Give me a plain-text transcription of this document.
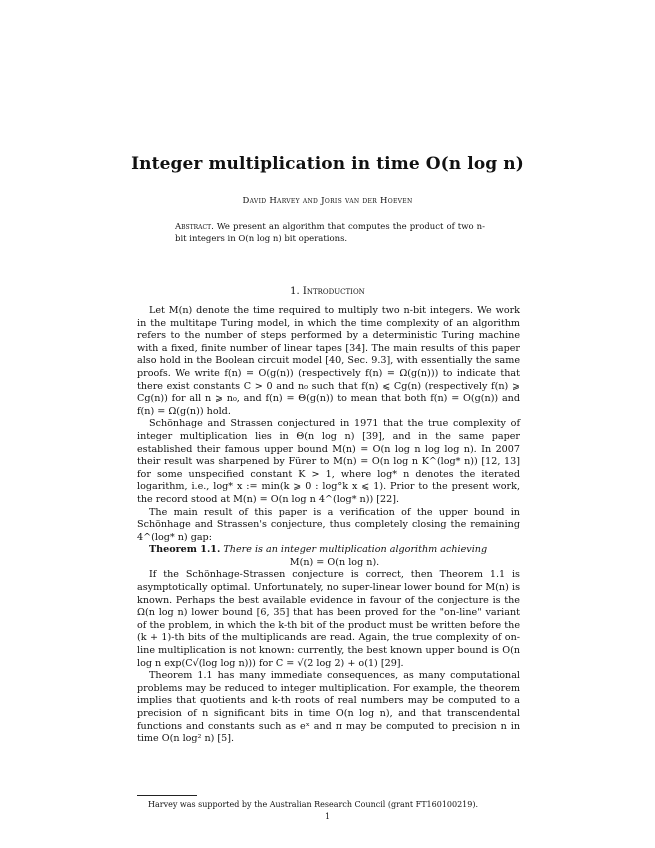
Integer multiplication in time O(n log n)
David Harvey and Joris van der Hoeven
Abstract. We present an algorithm that computes the product of two n-bit integers in O(n log n) bit operations.
1. Introduction

Let M(n) denote the time required to multiply two n-bit integers. We work in the multitape Turing model, in which the time complexity of an algorithm refers to the number of steps performed by a deterministic Turing machine with a fixed, finite number of linear tapes [34]. The main results of this paper also hold in the Boolean circuit model [40, Sec. 9.3], with essentially the same proofs. We write f(n) = O(g(n)) (respectively f(n) = Ω(g(n))) to indicate that there exist constants C > 0 and n₀ such that f(n) ⩽ Cg(n) (respectively f(n) ⩾ Cg(n)) for all n ⩾ n₀, and f(n) = Θ(g(n)) to mean that both f(n) = O(g(n)) and f(n) = Ω(g(n)) hold.

Schönhage and Strassen conjectured in 1971 that the true complexity of integer multiplication lies in Θ(n log n) [39], and in the same paper established their famous upper bound M(n) = O(n log n log log n). In 2007 their result was sharpened by Fürer to M(n) = O(n log n K^(log* n)) [12, 13] for some unspecified constant K > 1, where log* n denotes the iterated logarithm, i.e., log* x := min(k ⩾ 0 : log°k x ⩽ 1). Prior to the present work, the record stood at M(n) = O(n log n 4^(log* n)) [22].

The main result of this paper is a verification of the upper bound in Schönhage and Strassen's conjecture, thus completely closing the remaining 4^(log* n) gap:

Theorem 1.1. There is an integer multiplication algorithm achieving

M(n) = O(n log n).

If the Schönhage-Strassen conjecture is correct, then Theorem 1.1 is asymptotically optimal. Unfortunately, no super-linear lower bound for M(n) is known. Perhaps the best available evidence in favour of the conjecture is the Ω(n log n) lower bound [6, 35] that has been proved for the "on-line" variant of the problem, in which the k-th bit of the product must be written before the (k + 1)-th bits of the multiplicands are read. Again, the true complexity of on-line multiplication is not known: currently, the best known upper bound is O(n log n exp(C√(log log n))) for C = √(2 log 2) + o(1) [29].

Theorem 1.1 has many immediate consequences, as many computational problems may be reduced to integer multiplication. For example, the theorem implies that quotients and k-th roots of real numbers may be computed to a precision of n significant bits in time O(n log n), and that transcendental functions and constants such as eˣ and π may be computed to precision n in time O(n log² n) [5].

Harvey was supported by the Australian Research Council (grant FT160100219).
1
